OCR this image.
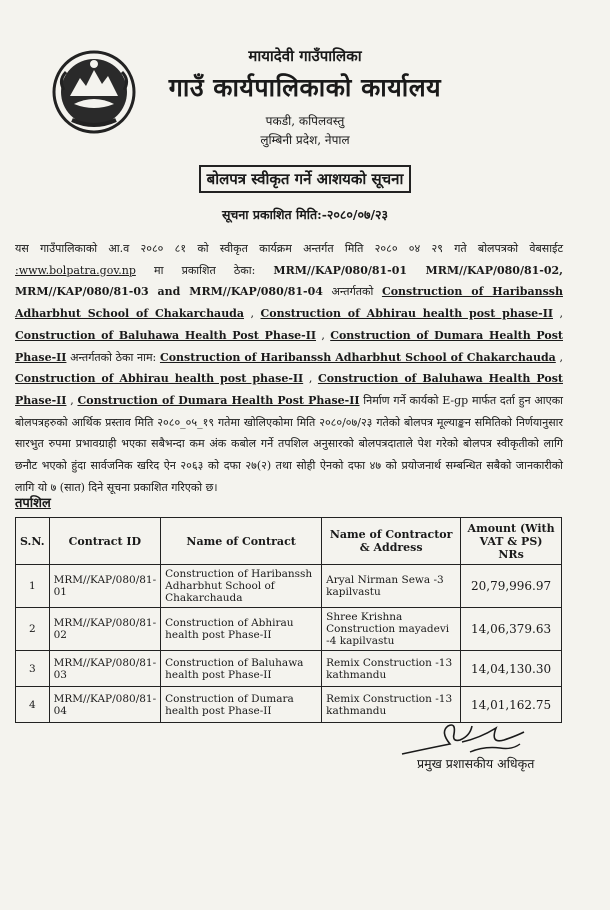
मायादेवी गाउँपालिका
गाउँ कार्यपालिकाको कार्यालय
पकडी, कपिलवस्तु
लुम्बिनी प्रदेश, नेपाल
बोलपत्र स्वीकृत गर्ने आशयको सूचना
सूचना प्रकाशित मिति:-२०८०/०७/२३
यस गाउँपालिकाको आ.व २०८० ८१ को स्वीकृत कार्यक्रम अन्तर्गत मिति २०८० ०४ २९ गते बोलपत्रको वेबसाईट :www.bolpatra.gov.np मा प्रकाशित ठेका: MRM//KAP/080/81-01 MRM//KAP/080/81-02, MRM//KAP/080/81-03 and MRM//KAP/080/81-04 अन्तर्गतको Construction of Haribanssh Adharbhut School of Chakarchauda , Construction of Abhirau health post phase-II , Construction of Baluhawa Health Post Phase-II , Construction of Dumara Health Post Phase-II अन्तर्गतको ठेका नाम: Construction of Haribanssh Adharbhut School of Chakarchauda , Construction of Abhirau health post phase-II , Construction of Baluhawa Health Post Phase-II , Construction of Dumara Health Post Phase-II निर्माण गर्ने कार्यको E-gp मार्फत दर्ता हुन आएका बोलपत्रहरुको आर्थिक प्रस्ताव मिति २०८०_०५_१९ गतेमा खोलिएकोमा मिति २०८०/०७/२३ गतेको बोलपत्र मूल्याङ्कन समितिको निर्णयानुसार सारभुत रुपमा प्रभावग्राही भएका सबैभन्दा कम अंक कबोल गर्ने तपशिल अनुसारको बोलपत्रदाताले पेश गरेको बोलपत्र स्वीकृतीको लागि छनौट भएको हुंदा सार्वजनिक खरिद ऐन २०६३ को दफा २७(२) तथा सोही ऐनको दफा ४७ को प्रयोजनार्थ सम्बन्धित सबैको जानकारीको लागि यो ७ (सात) दिने सूचना प्रकाशित गरिएको छ।
तपशिल
S.N.	Contract ID	Name of Contract	Name of Contractor & Address	Amount (With VAT & PS) NRs
1	MRM//KAP/080/81-01	Construction of Haribanssh Adharbhut School of Chakarchauda	Aryal Nirman Sewa -3 kapilvastu	20,79,996.97
2	MRM//KAP/080/81-02	Construction of Abhirau health post Phase-II	Shree Krishna Construction mayadevi -4 kapilvastu	14,06,379.63
3	MRM//KAP/080/81-03	Construction of Baluhawa health post Phase-II	Remix Construction -13 kathmandu	14,04,130.30
4	MRM//KAP/080/81-04	Construction of Dumara health post Phase-II	Remix Construction -13 kathmandu	14,01,162.75
प्रमुख प्रशासकीय अधिकृत
